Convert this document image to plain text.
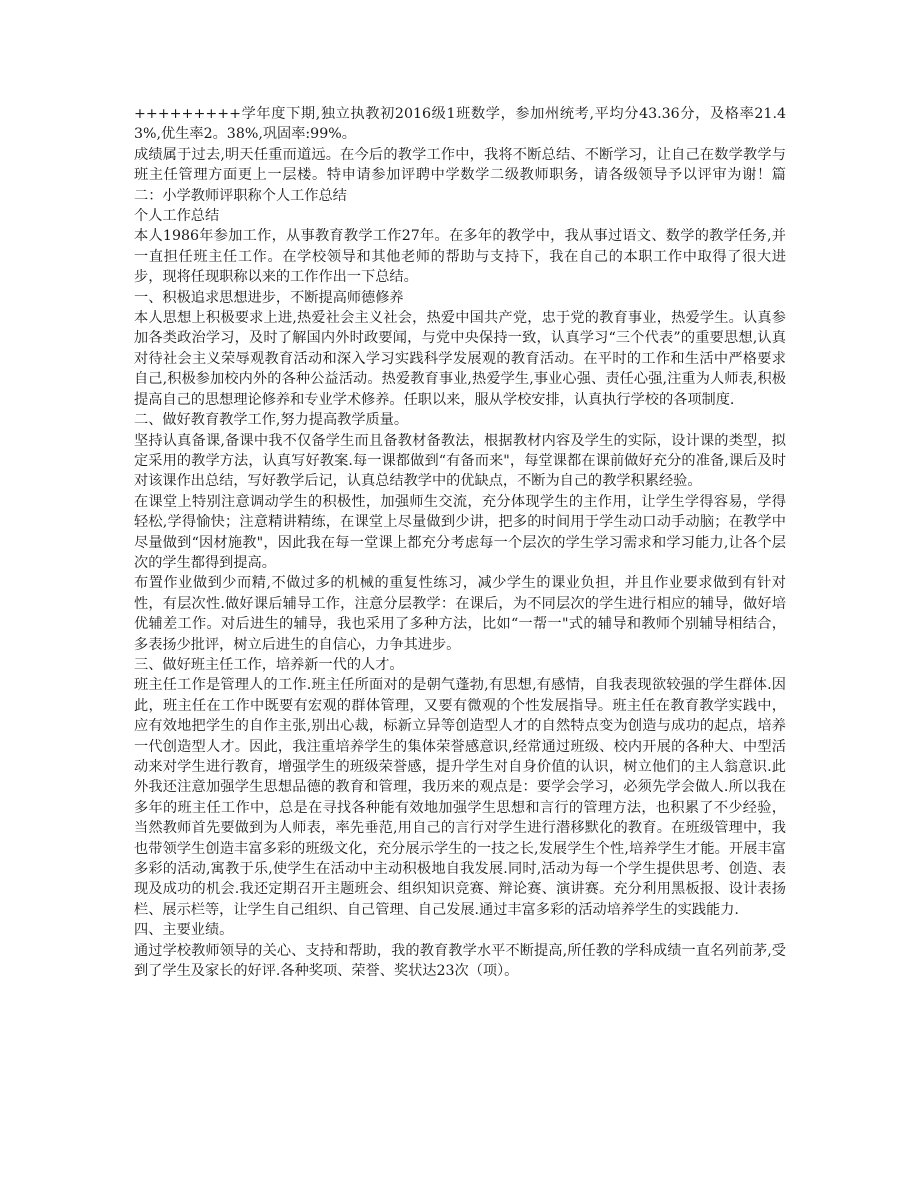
+++++++++学年度下期,独立执教初2016级1班数学，参加州统考,平均分43.36分，及格率21.43%,优生率2。38%,巩固率:99%。

成绩属于过去,明天任重而道远。在今后的教学工作中，我将不断总结、不断学习，让自己在数学教学与班主任管理方面更上一层楼。特申请参加评聘中学数学二级教师职务，请各级领导予以评审为谢！篇二：小学教师评职称个人工作总结

个人工作总结

本人1986年参加工作，从事教育教学工作27年。在多年的教学中，我从事过语文、数学的教学任务,并一直担任班主任工作。在学校领导和其他老师的帮助与支持下，我在自己的本职工作中取得了很大进步，现将任现职称以来的工作作出一下总结。

一、积极追求思想进步，不断提高师德修养

本人思想上积极要求上进,热爱社会主义社会，热爱中国共产党，忠于党的教育事业，热爱学生。认真参加各类政治学习，及时了解国内外时政要闻，与党中央保持一致，认真学习“三个代表”的重要思想,认真对待社会主义荣辱观教育活动和深入学习实践科学发展观的教育活动。在平时的工作和生活中严格要求自己,积极参加校内外的各种公益活动。热爱教育事业,热爱学生,事业心强、责任心强,注重为人师表,积极提高自己的思想理论修养和专业学术修养。任职以来，服从学校安排，认真执行学校的各项制度.

二、做好教育教学工作,努力提高教学质量。

坚持认真备课,备课中我不仅备学生而且备教材备教法，根据教材内容及学生的实际，设计课的类型，拟定采用的教学方法，认真写好教案.每一课都做到“有备而来"，每堂课都在课前做好充分的准备,课后及时对该课作出总结，写好教学后记，认真总结教学中的优缺点，不断为自己的教学积累经验。

在课堂上特别注意调动学生的积极性，加强师生交流，充分体现学生的主作用，让学生学得容易，学得轻松,学得愉快；注意精讲精练，在课堂上尽量做到少讲，把多的时间用于学生动口动手动脑；在教学中尽量做到“因材施教"，因此我在每一堂课上都充分考虑每一个层次的学生学习需求和学习能力,让各个层次的学生都得到提高。

布置作业做到少而精,不做过多的机械的重复性练习，减少学生的课业负担，并且作业要求做到有针对性，有层次性.做好课后辅导工作，注意分层教学：在课后，为不同层次的学生进行相应的辅导，做好培优辅差工作。对后进生的辅导，我也采用了多种方法，比如“一帮一"式的辅导和教师个别辅导相结合，多表扬少批评，树立后进生的自信心，力争其进步。

三、做好班主任工作，培养新一代的人才。

班主任工作是管理人的工作.班主任所面对的是朝气蓬勃,有思想,有感情，自我表现欲较强的学生群体.因此，班主任在工作中既要有宏观的群体管理，又要有微观的个性发展指导。班主任在教育教学实践中，应有效地把学生的自作主张,别出心裁，标新立异等创造型人才的自然特点变为创造与成功的起点，培养一代创造型人才。因此，我注重培养学生的集体荣誉感意识,经常通过班级、校内开展的各种大、中型活动来对学生进行教育，增强学生的班级荣誉感，提升学生对自身价值的认识，树立他们的主人翁意识.此外我还注意加强学生思想品德的教育和管理，我历来的观点是：要学会学习，必须先学会做人.所以我在多年的班主任工作中，总是在寻找各种能有效地加强学生思想和言行的管理方法，也积累了不少经验，当然教师首先要做到为人师表，率先垂范,用自己的言行对学生进行潜移默化的教育。在班级管理中，我也带领学生创造丰富多彩的班级文化，充分展示学生的一技之长,发展学生个性,培养学生才能。开展丰富多彩的活动,寓教于乐,使学生在活动中主动积极地自我发展.同时,活动为每一个学生提供思考、创造、表现及成功的机会.我还定期召开主题班会、组织知识竞赛、辩论赛、演讲赛。充分利用黑板报、设计表扬栏、展示栏等，让学生自己组织、自己管理、自己发展.通过丰富多彩的活动培养学生的实践能力.

四、主要业绩。

通过学校教师领导的关心、支持和帮助，我的教育教学水平不断提高,所任教的学科成绩一直名列前茅,受到了学生及家长的好评.各种奖项、荣誉、奖状达23次（项）。
